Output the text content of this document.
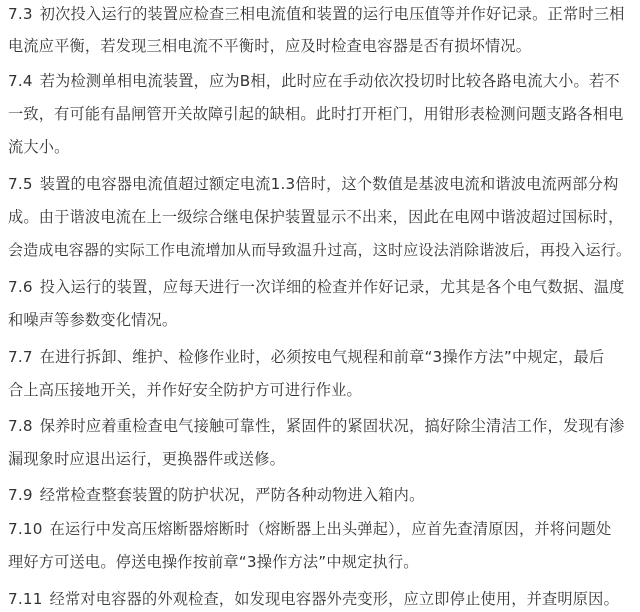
7.3 初次投入运行的装置应检查三相电流值和装置的运行电压值等并作好记录。正常时三相
电流应平衡，若发现三相电流不平衡时，应及时检查电容器是否有损坏情况。
7.4 若为检测单相电流装置，应为B相，此时应在手动依次投切时比较各路电流大小。若不
一致，有可能有晶闸管开关故障引起的缺相。此时打开柜门，用钳形表检测问题支路各相电
流大小。
7.5 装置的电容器电流值超过额定电流1.3倍时，这个数值是基波电流和谐波电流两部分构
成。由于谐波电流在上一级综合继电保护装置显示不出来，因此在电网中谐波超过国标时，
会造成电容器的实际工作电流增加从而导致温升过高，这时应设法消除谐波后，再投入运行。
7.6 投入运行的装置，应每天进行一次详细的检查并作好记录，尤其是各个电气数据、温度
和噪声等参数变化情况。
7.7 在进行拆卸、维护、检修作业时，必须按电气规程和前章“3操作方法”中规定，最后
合上高压接地开关，并作好安全防护方可进行作业。
7.8 保养时应着重检查电气接触可靠性，紧固件的紧固状况，搞好除尘清洁工作，发现有渗
漏现象时应退出运行，更换器件或送修。
7.9 经常检查整套装置的防护状况，严防各种动物进入箱内。
7.10 在运行中发高压熔断器熔断时（熔断器上出头弹起），应首先查清原因，并将问题处
理好方可送电。停送电操作按前章“3操作方法”中规定执行。
7.11 经常对电容器的外观检查，如发现电容器外壳变形，应立即停止使用，并查明原因。
